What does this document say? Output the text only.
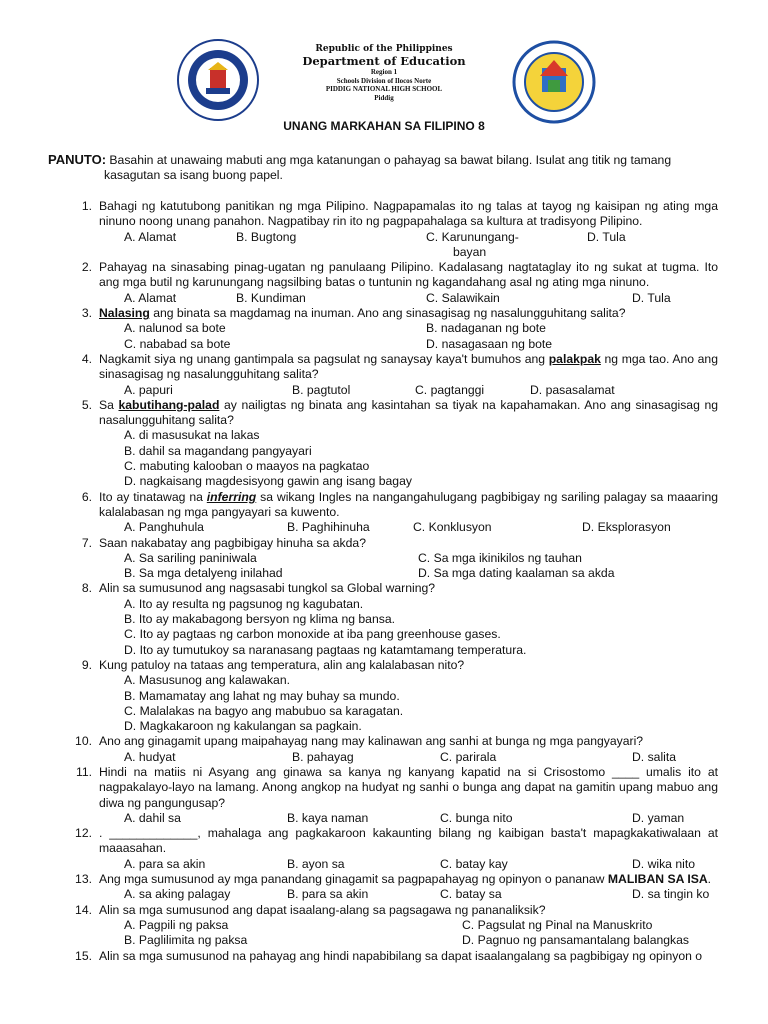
Republic of the Philippines
Department of Education
Region 1
Schools Division of Ilocos Norte
PIDDIG NATIONAL HIGH SCHOOL
Piddig
UNANG MARKAHAN SA FILIPINO 8
PANUTO: Basahin at unawaing mabuti ang mga katanungan o pahayag sa bawat bilang. Isulat ang titik ng tamang
kasagutan sa isang buong papel.
1. Bahagi ng katutubong panitikan ng mga Pilipino. Nagpapamalas ito ng talas at tayog ng kaisipan ng ating mga ninuno noong unang panahon. Nagpatibay rin ito ng pagpapahalaga sa kultura at tradisyong Pilipino.
A. Alamat	B. Bugtong	C. Karunungang-	D. Tula
bayan
2. Pahayag na sinasabing pinag-ugatan ng panulaang Pilipino. Kadalasang nagtataglay ito ng sukat at tugma. Ito ang mga butil ng karunungang nagsilbing batas o tuntunin ng kagandahang asal ng ating mga ninuno.
A. Alamat	B. Kundiman	C. Salawikain	D. Tula
3. Nalasing ang binata sa magdamag na inuman. Ano ang sinasagisag ng nasalungguhitang salita?
A. nalunod sa bote	B. nadaganan ng bote
C. nababad sa bote	D. nasagasaan ng bote
4. Nagkamit siya ng unang gantimpala sa pagsulat ng sanaysay kaya't bumuhos ang palakpak ng mga tao. Ano ang sinasagisag ng nasalungguhitang salita?
A. papuri	B. pagtutol	C. pagtanggi	D. pasasalamat
5. Sa kabutihang-palad ay nailigtas ng binata ang kasintahan sa tiyak na kapahamakan. Ano ang sinasagisag ng nasalungguhitang salita?
A. di masusukat na lakas
B. dahil sa magandang pangyayari
C. mabuting kalooban o maayos na pagkatao
D. nagkaisang magdesisyong gawin ang isang bagay
6. Ito ay tinatawag na inferring sa wikang Ingles na nangangahulugang pagbibigay ng sariling palagay sa maaaring kalalabasan ng mga pangyayari sa kuwento.
A. Panghuhula	B. Paghihinuha	C. Konklusyon	D. Eksplorasyon
7. Saan nakabatay ang pagbibigay hinuha sa akda?
A. Sa sariling paniniwala	C. Sa mga ikinikilos ng tauhan
B. Sa mga detalyeng inilahad	D. Sa mga dating kaalaman sa akda
8. Alin sa sumusunod ang nagsasabi tungkol sa Global warning?
A. Ito ay resulta ng pagsunog ng kagubatan.
B. Ito ay makabagong bersyon ng klima ng bansa.
C. Ito ay pagtaas ng carbon monoxide at iba pang greenhouse gases.
D. Ito ay tumutukoy sa naranasang pagtaas ng katamtamang temperatura.
9. Kung patuloy na tataas ang temperatura, alin ang kalalabasan nito?
A. Masusunog ang kalawakan.
B. Mamamatay ang lahat ng may buhay sa mundo.
C. Malalakas na bagyo ang mabubuo sa karagatan.
D. Magkakaroon ng kakulangan sa pagkain.
10. Ano ang ginagamit upang maipahayag nang may kalinawan ang sanhi at bunga ng mga pangyayari?
A. hudyat	B. pahayag	C. parirala	D. salita
11. Hindi na matiis ni Asyang ang ginawa sa kanya ng kanyang kapatid na si Crisostomo ____ umalis ito at nagpakalayo-layo na lamang. Anong angkop na hudyat ng sanhi o bunga ang dapat na gamitin upang mabuo ang diwa ng pangungusap?
A. dahil sa	B. kaya naman	C. bunga nito	D. yaman
12. . _____________, mahalaga ang pagkakaroon kakaunting bilang ng kaibigan basta't mapagkakatiwalaan at maaasahan.
A. para sa akin	B. ayon sa	C. batay kay	D. wika nito
13. Ang mga sumusunod ay mga panandang ginagamit sa pagpapahayag ng opinyon o pananaw MALIBAN SA ISA.
A. sa aking palagay	B. para sa akin	C. batay sa	D. sa tingin ko
14. Alin sa mga sumusunod ang dapat isaalang-alang sa pagsagawa ng pananaliksik?
A. Pagpili ng paksa	C. Pagsulat ng Pinal na Manuskrito
B. Paglilimita ng paksa	D. Pagnuo ng pansamantalang balangkas
15. Alin sa mga sumusunod na pahayag ang hindi napabibilang sa dapat isaalangalang sa pagbibigay ng opinyon o
